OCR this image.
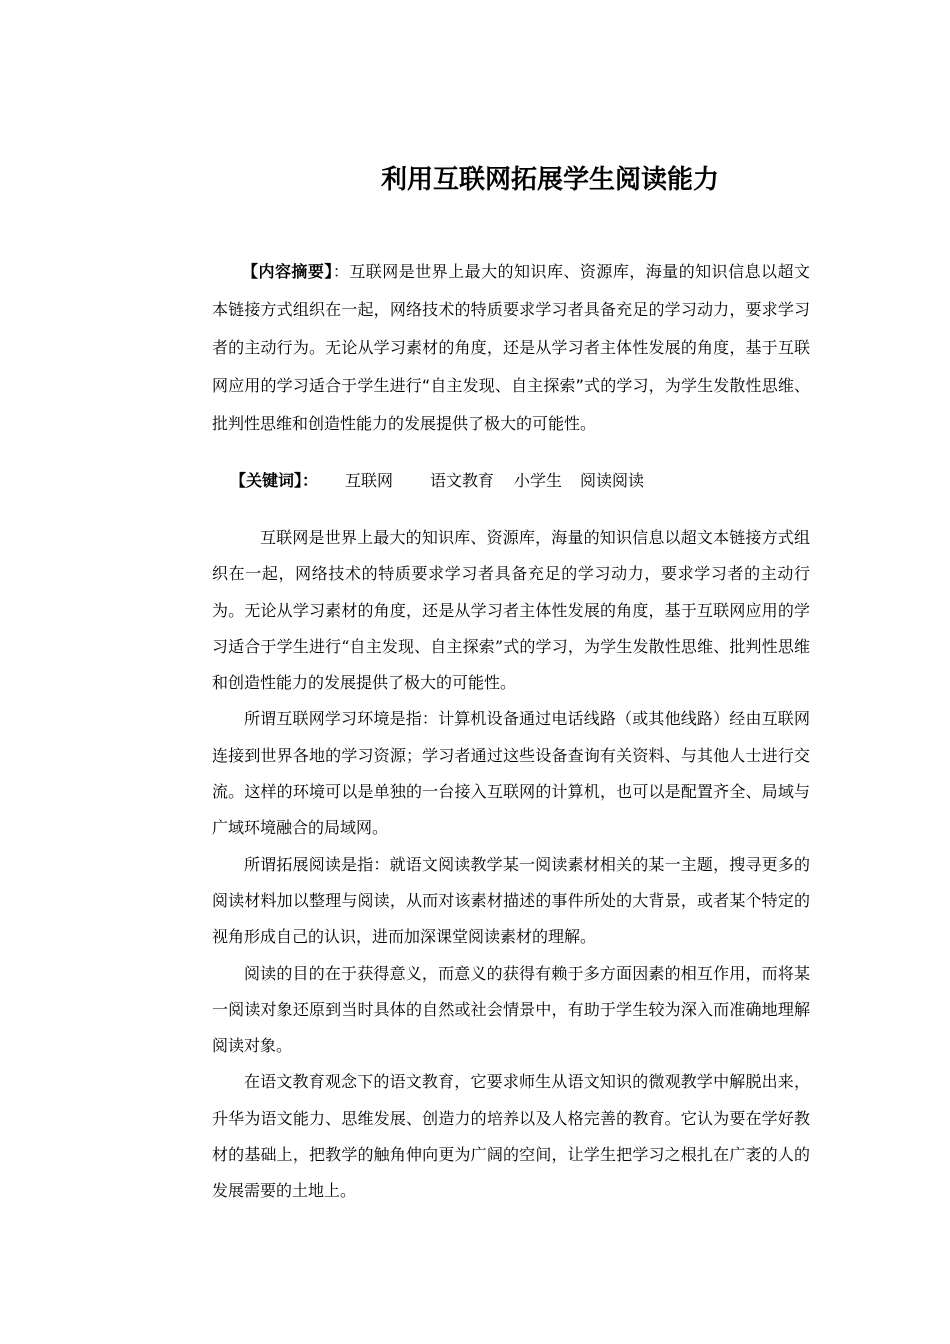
利用互联网拓展学生阅读能力

【内容摘要】：互联网是世界上最大的知识库、资源库，海量的知识信息以超文本链接方式组织在一起，网络技术的特质要求学习者具备充足的学习动力，要求学习者的主动行为。无论从学习素材的角度，还是从学习者主体性发展的角度，基于互联网应用的学习适合于学生进行“自主发现、自主探索”式的学习，为学生发散性思维、批判性思维和创造性能力的发展提供了极大的可能性。

【关键词】： 互联网 语文教育 小学生 阅读阅读

互联网是世界上最大的知识库、资源库，海量的知识信息以超文本链接方式组织在一起，网络技术的特质要求学习者具备充足的学习动力，要求学习者的主动行为。无论从学习素材的角度，还是从学习者主体性发展的角度，基于互联网应用的学习适合于学生进行“自主发现、自主探索”式的学习，为学生发散性思维、批判性思维和创造性能力的发展提供了极大的可能性。

所谓互联网学习环境是指：计算机设备通过电话线路（或其他线路）经由互联网连接到世界各地的学习资源；学习者通过这些设备查询有关资料、与其他人士进行交流。这样的环境可以是单独的一台接入互联网的计算机，也可以是配置齐全、局域与广域环境融合的局域网。

所谓拓展阅读是指：就语文阅读教学某一阅读素材相关的某一主题，搜寻更多的阅读材料加以整理与阅读，从而对该素材描述的事件所处的大背景，或者某个特定的视角形成自己的认识，进而加深课堂阅读素材的理解。

阅读的目的在于获得意义，而意义的获得有赖于多方面因素的相互作用，而将某一阅读对象还原到当时具体的自然或社会情景中，有助于学生较为深入而准确地理解阅读对象。

在语文教育观念下的语文教育，它要求师生从语文知识的微观教学中解脱出来，升华为语文能力、思维发展、创造力的培养以及人格完善的教育。它认为要在学好教材的基础上，把教学的触角伸向更为广阔的空间，让学生把学习之根扎在广袤的人的发展需要的土地上。
